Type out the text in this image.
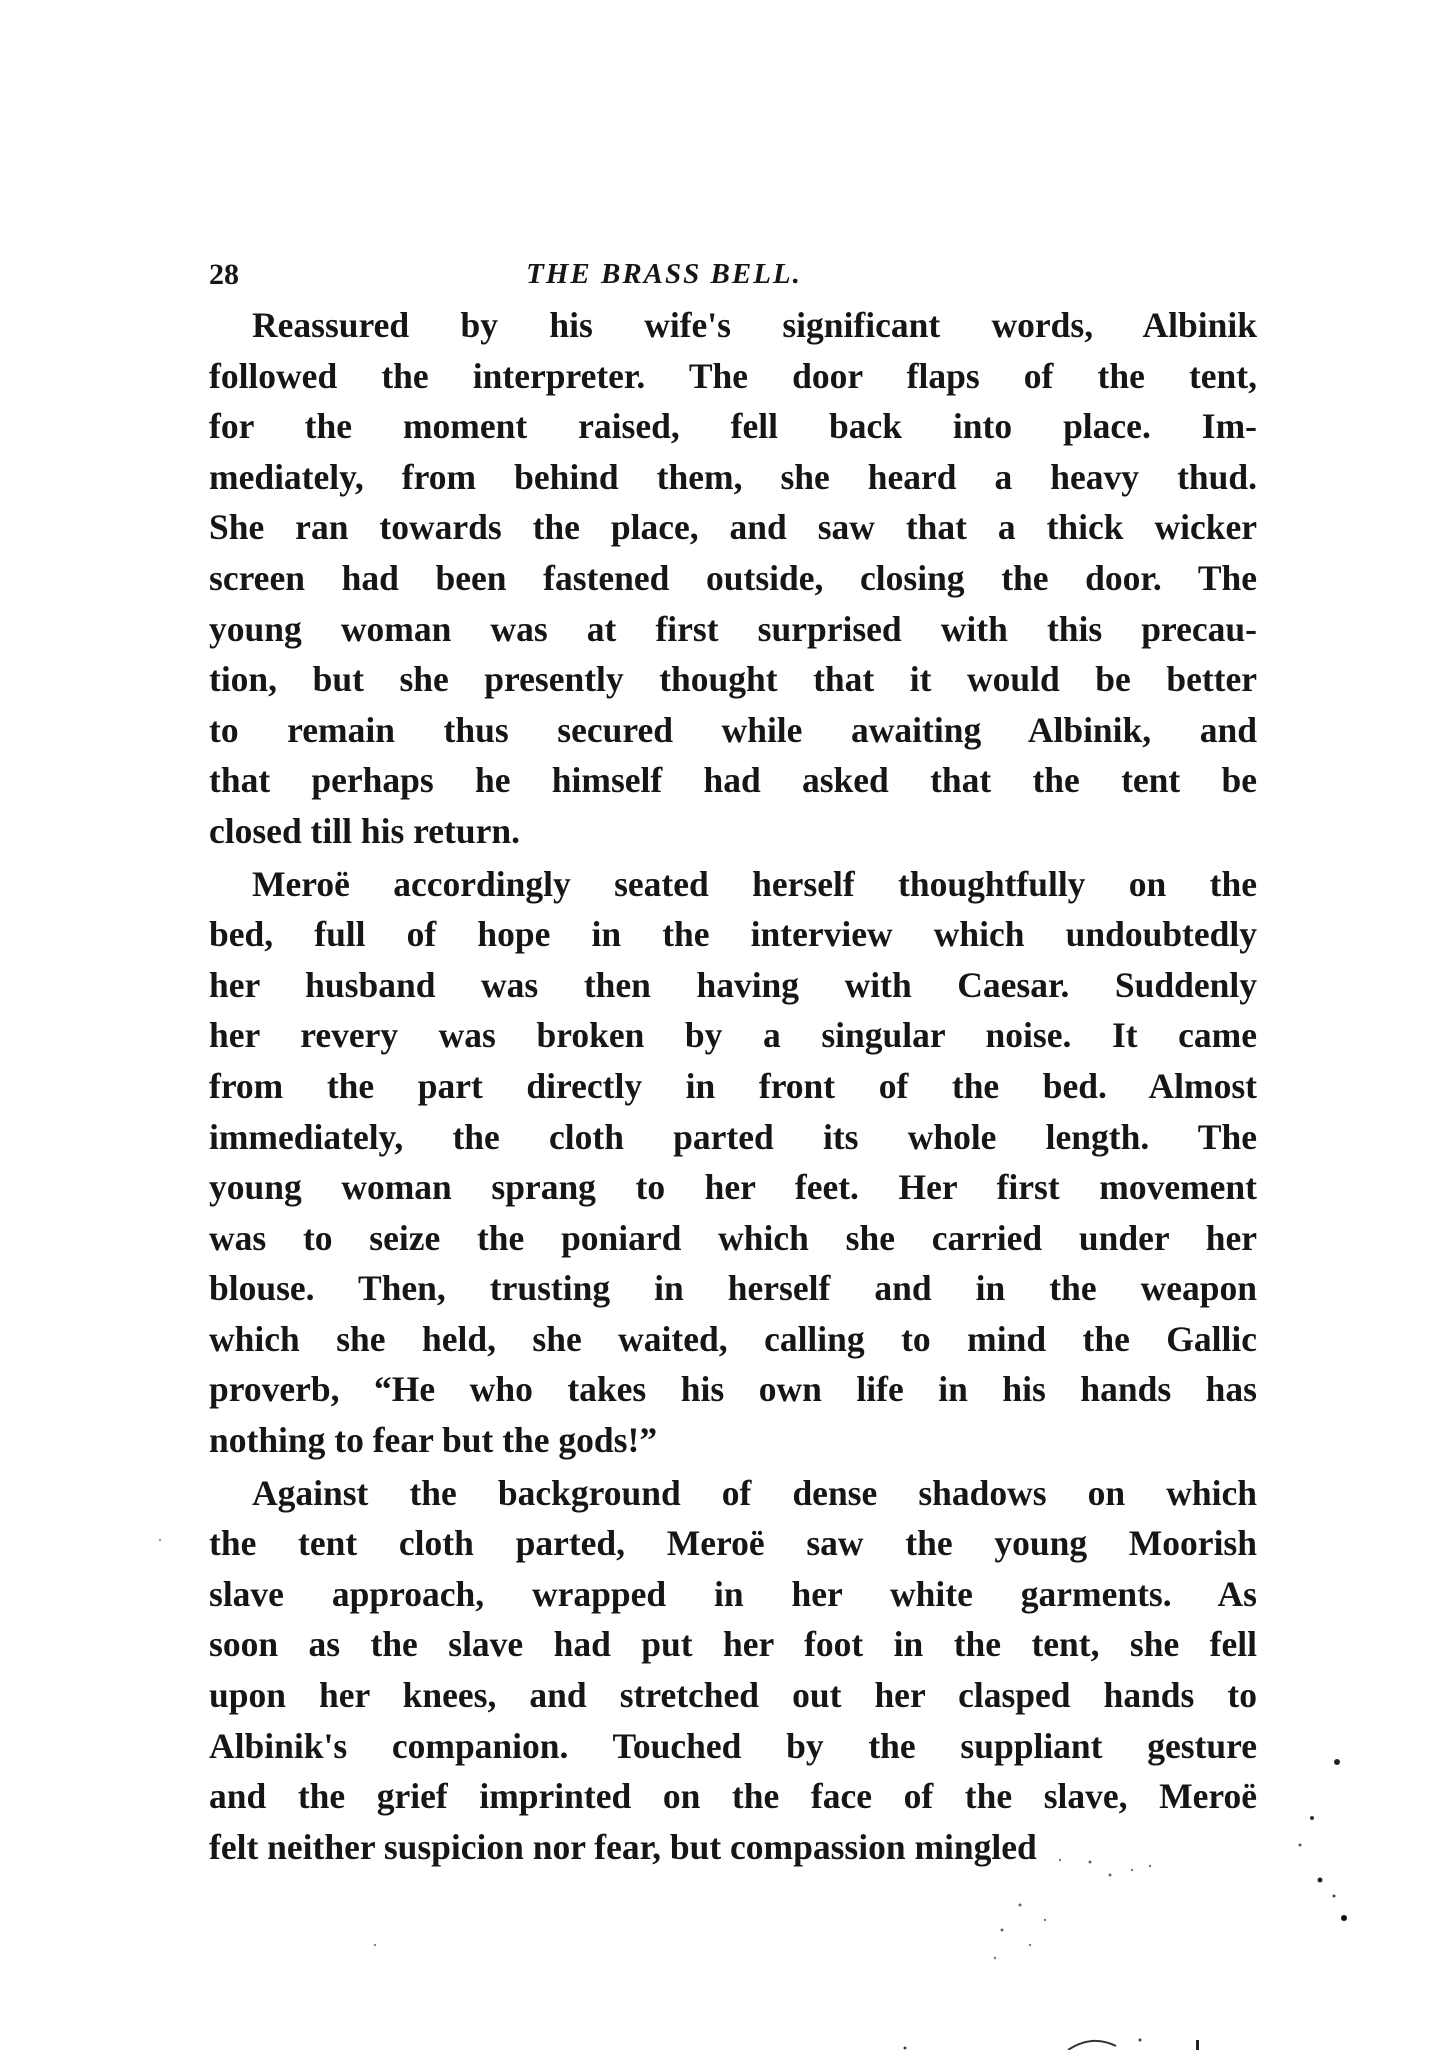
28	THE BRASS BELL.

Reassured by his wife's significant words, Albinik
followed the interpreter. The door flaps of the tent,
for the moment raised, fell back into place. Im-
mediately, from behind them, she heard a heavy thud.
She ran towards the place, and saw that a thick wicker
screen had been fastened outside, closing the door. The
young woman was at first surprised with this precau-
tion, but she presently thought that it would be better
to remain thus secured while awaiting Albinik, and
that perhaps he himself had asked that the tent be
closed till his return.

Meroë accordingly seated herself thoughtfully on the
bed, full of hope in the interview which undoubtedly
her husband was then having with Caesar. Suddenly
her revery was broken by a singular noise. It came
from the part directly in front of the bed. Almost
immediately, the cloth parted its whole length. The
young woman sprang to her feet. Her first movement
was to seize the poniard which she carried under her
blouse. Then, trusting in herself and in the weapon
which she held, she waited, calling to mind the Gallic
proverb, “He who takes his own life in his hands has
nothing to fear but the gods!”

Against the background of dense shadows on which
the tent cloth parted, Meroë saw the young Moorish
slave approach, wrapped in her white garments. As
soon as the slave had put her foot in the tent, she fell
upon her knees, and stretched out her clasped hands to
Albinik's companion. Touched by the suppliant gesture
and the grief imprinted on the face of the slave, Meroë
felt neither suspicion nor fear, but compassion mingled
